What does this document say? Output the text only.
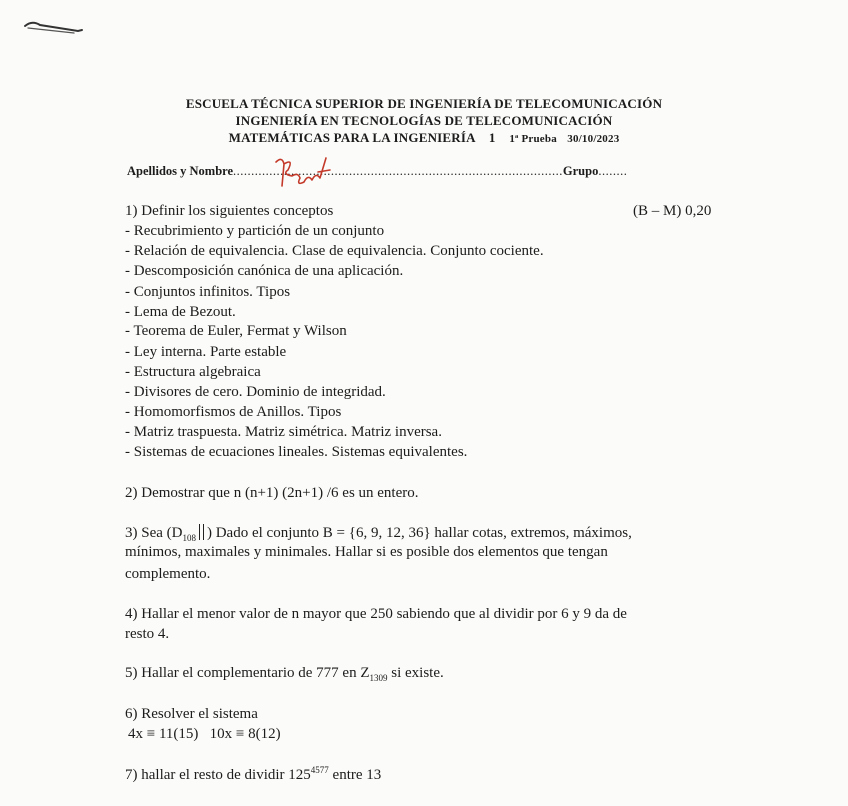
ESCUELA TÉCNICA SUPERIOR DE INGENIERÍA DE TELECOMUNICACIÓN
INGENIERÍA EN TECNOLOGÍAS DE TELECOMUNICACIÓN
MATEMÁTICAS PARA LA INGENIERÍA 1 1ª Prueba 30/10/2023
Apellidos y Nombre...........................................................................................Grupo........
1) Definir los siguientes conceptos	(B – M) 0,20
- Recubrimiento y partición de un conjunto
- Relación de equivalencia. Clase de equivalencia. Conjunto cociente.
- Descomposición canónica de una aplicación.
- Conjuntos infinitos. Tipos
- Lema de Bezout.
- Teorema de Euler, Fermat y Wilson
- Ley interna. Parte estable
- Estructura algebraica
- Divisores de cero. Dominio de integridad.
- Homomorfismos de Anillos. Tipos
- Matriz traspuesta. Matriz simétrica. Matriz inversa.
- Sistemas de ecuaciones lineales. Sistemas equivalentes.
2) Demostrar que n (n+1) (2n+1) /6 es un entero.
3) Sea ($D_{108}$ ) Dado el conjunto B = {6, 9, 12, 36} hallar cotas, extremos, máximos,
mínimos, maximales y minimales. Hallar si es posible dos elementos que tengan
complemento.
4) Hallar el menor valor de n mayor que 250 sabiendo que al dividir por 6 y 9 da de
resto 4.
5) Hallar el complementario de 777 en $Z_{1309}$ si existe.
6) Resolver el sistema
4x ≡ 11(15) 10x ≡ 8(12)
7) hallar el resto de dividir $125^{4577}$ entre 13
